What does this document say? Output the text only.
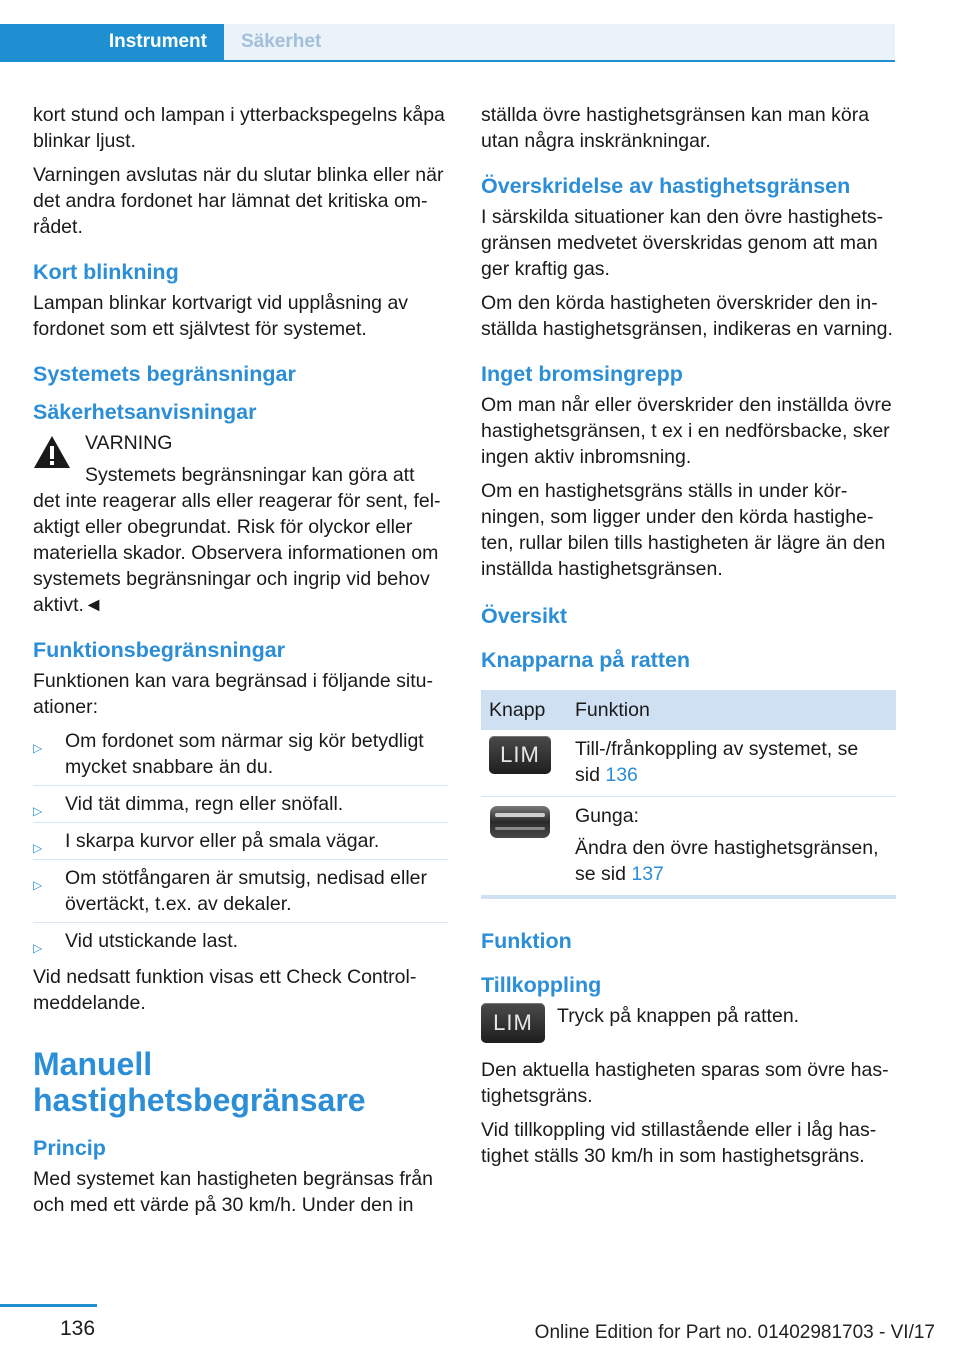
Instrument	Säkerhet

kort stund och lampan i ytterbackspegelns kåpa blinkar ljust.

Varningen avslutas när du slutar blinka eller när det andra fordonet har lämnat det kritiska området.

Kort blinkning

Lampan blinkar kortvarigt vid upplåsning av fordonet som ett självtest för systemet.

Systemets begränsningar
Säkerhetsanvisningar

VARNING

Systemets begränsningar kan göra att

det inte reagerar alls eller reagerar för sent, felaktigt eller obegrundat. Risk för olyckor eller materiella skador. Observera informationen om systemets begränsningar och ingrip vid behov aktivt.◄

Funktionsbegränsningar

Funktionen kan vara begränsad i följande situationer:

▷ Om fordonet som närmar sig kör betydligt mycket snabbare än du.
▷ Vid tät dimma, regn eller snöfall.
▷ I skarpa kurvor eller på smala vägar.
▷ Om stötfångaren är smutsig, nedisad eller övertäckt, t.ex. av dekaler.
▷ Vid utstickande last.

Vid nedsatt funktion visas ett Check Control-meddelande.

Manuell hastighetsbegränsare
Princip

Med systemet kan hastigheten begränsas från och med ett värde på 30 km/h. Under den in

ställda övre hastighetsgränsen kan man köra utan några inskränkningar.

Överskridelse av hastighetsgränsen

I särskilda situationer kan den övre hastighetsgränsen medvetet överskridas genom att man ger kraftig gas.

Om den körda hastigheten överskrider den inställda hastighetsgränsen, indikeras en varning.

Inget bromsingrepp

Om man når eller överskrider den inställda övre hastighetsgränsen, t ex i en nedförsbacke, sker ingen aktiv inbromsning.

Om en hastighetsgräns ställs in under körningen, som ligger under den körda hastigheten, rullar bilen tills hastigheten är lägre än den inställda hastighetsgränsen.

Översikt
Knapparna på ratten
Knapp	Funktion
LIM	Till-/frånkoppling av systemet, se sid 136

Gunga:

Ändra den övre hastighetsgränsen, se sid 137

Funktion
Tillkoppling
LIM	Tryck på knappen på ratten.

Den aktuella hastigheten sparas som övre hastighetsgräns.

Vid tillkoppling vid stillastående eller i låg hastighet ställs 30 km/h in som hastighetsgräns.

136	Online Edition for Part no. 01402981703 - VI/17
